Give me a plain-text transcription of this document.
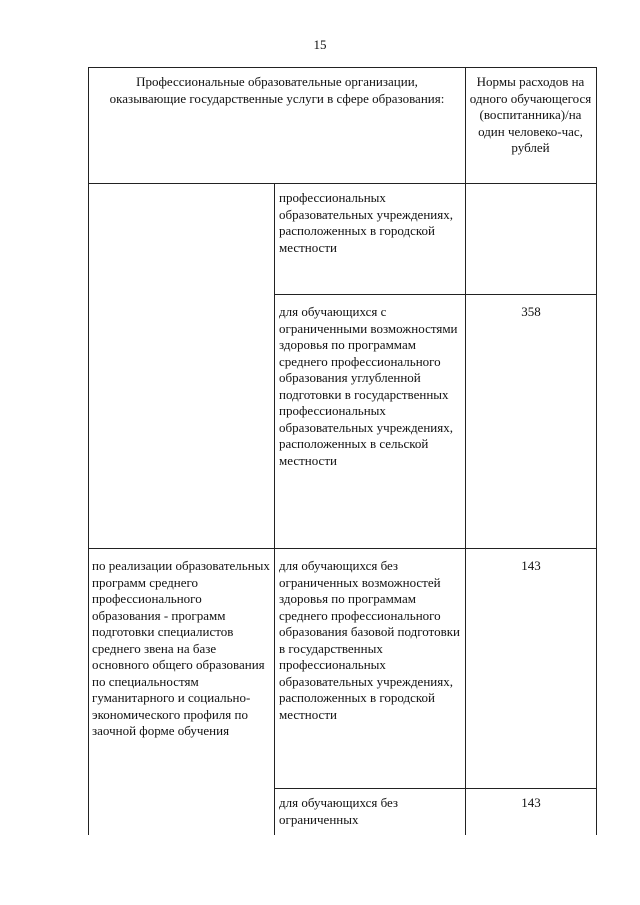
15
Профессиональные образовательные организации, оказывающие государственные услуги в сфере образования:
Нормы расходов на одного обучающегося (воспитанника)/на один человеко-час, рублей
профессиональных образовательных учреждениях, расположенных в городской местности
для обучающихся с ограниченными возможностями здоровья по программам среднего профессионального образования углубленной подготовки в государственных профессиональных образовательных учреждениях, расположенных в сельской местности
358
по реализации образовательных программ среднего профессионального образования - программ подготовки специалистов среднего звена на базе основного общего образования по специальностям гуманитарного и социально-экономического профиля по заочной форме обучения
для обучающихся без ограниченных возможностей здоровья по программам среднего профессионального образования базовой подготовки в государственных профессиональных образовательных учреждениях, расположенных в городской местности
143
для обучающихся без ограниченных
143
